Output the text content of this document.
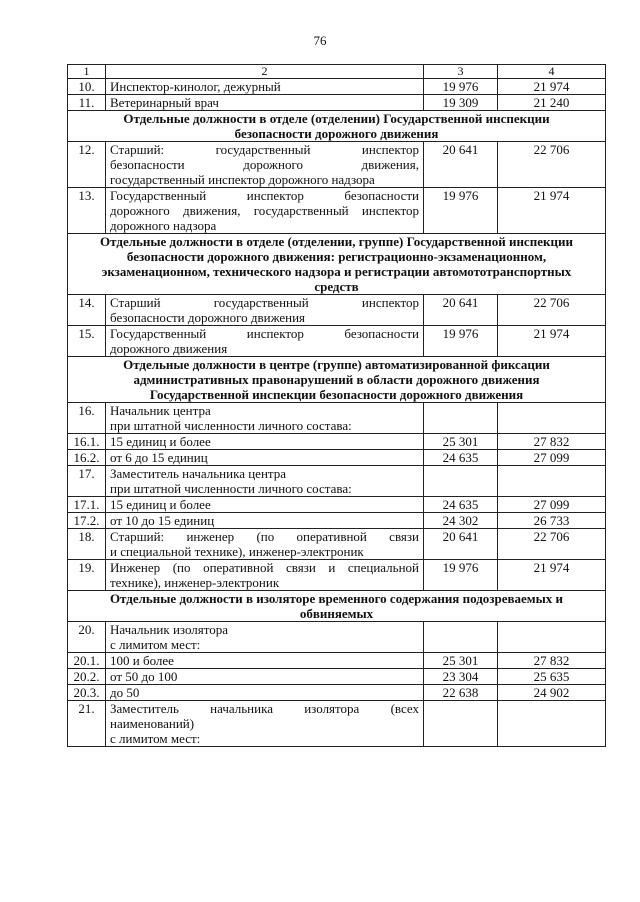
76
1	2	3	4
10.	Инспектор-кинолог, дежурный	19 976	21 974
11.	Ветеринарный врач	19 309	21 240

Отдельные должности в отделе (отделении) Государственной инспекции
безопасности дорожного движения			

12.	Старший: государственный инспектор
безопасности дорожного движения,
государственный инспектор дорожного надзора	20 641	22 706
13.	Государственный инспектор безопасности
дорожного движения, государственный инспектор
дорожного надзора	19 976	21 974

Отдельные должности в отделе (отделении, группе) Государственной инспекции
безопасности дорожного движения: регистрационно-экзаменационном,
экзаменационном, технического надзора и регистрации автомототранспортных
средств			

14.	Старший государственный инспектор
безопасности дорожного движения	20 641	22 706
15.	Государственный инспектор безопасности
дорожного движения	19 976	21 974

Отдельные должности в центре (группе) автоматизированной фиксации
административных правонарушений в области дорожного движения
Государственной инспекции безопасности дорожного движения			

16.	Начальник центра
при штатной численности личного состава:		

16.1.	15 единиц и более	25 301	27 832
16.2.	от 6 до 15 единиц	24 635	27 099
17.	Заместитель начальника центра
при штатной численности личного состава:		

17.1.	15 единиц и более	24 635	27 099
17.2.	от 10 до 15 единиц	24 302	26 733
18.	Старший: инженер (по оперативной связи
и специальной технике), инженер-электроник	20 641	22 706
19.	Инженер (по оперативной связи и специальной
технике), инженер-электроник	19 976	21 974

Отдельные должности в изоляторе временного содержания подозреваемых и
обвиняемых			

20.	Начальник изолятора
с лимитом мест:		

20.1.	100 и более	25 301	27 832
20.2.	от 50 до 100	23 304	25 635
20.3.	до 50	22 638	24 902
21.	Заместитель начальника изолятора (всех
наименований)
с лимитом мест:		
